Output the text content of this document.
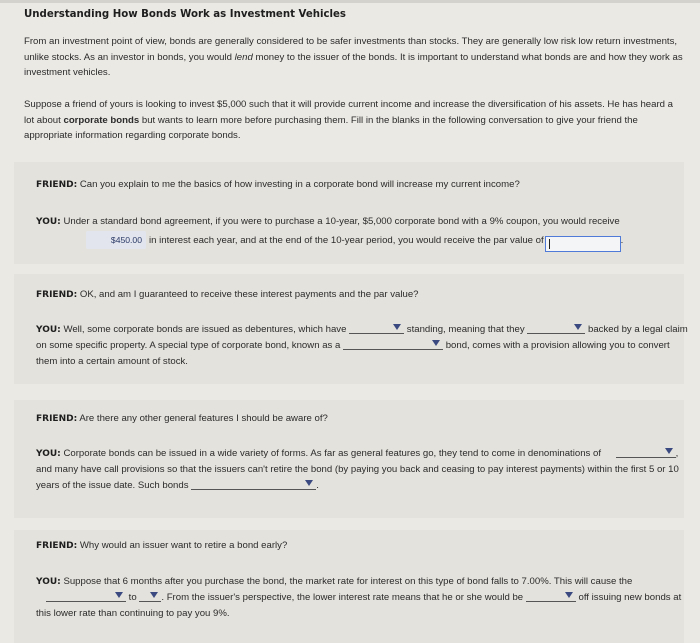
Understanding How Bonds Work as Investment Vehicles

From an investment point of view, bonds are generally considered to be safer investments than stocks. They are generally low risk low return investments, unlike stocks. As an investor in bonds, you would lend money to the issuer of the bonds. It is important to understand what bonds are and how they work as investment vehicles.

Suppose a friend of yours is looking to invest $5,000 such that it will provide current income and increase the diversification of his assets. He has heard a lot about corporate bonds but wants to learn more before purchasing them. Fill in the blanks in the following conversation to give your friend the appropriate information regarding corporate bonds.

FRIEND: Can you explain to me the basics of how investing in a corporate bond will increase my current income?

YOU: Under a standard bond agreement, if you were to purchase a 10-year, $5,000 corporate bond with a 9% coupon, you would receive

$450.00 in interest each year, and at the end of the 10-year period, you would receive the par value of	.

FRIEND: OK, and am I guaranteed to receive these interest payments and the par value?

YOU: Well, some corporate bonds are issued as debentures, which have	standing, meaning that they	backed by a legal claim on some specific property. A special type of corporate bond, known as a	bond, comes with a provision allowing you to convert them into a certain amount of stock.

FRIEND: Are there any other general features I should be aware of?

YOU: Corporate bonds can be issued in a wide variety of forms. As far as general features go, they tend to come in denominations of	, and many have call provisions so that the issuers can't retire the bond (by paying you back and ceasing to pay interest payments) within the first 5 or 10 years of the issue date. Such bonds	.

FRIEND: Why would an issuer want to retire a bond early?

YOU: Suppose that 6 months after you purchase the bond, the market rate for interest on this type of bond falls to 7.00%. This will cause the
to	. From the issuer's perspective, the lower interest rate means that he or she would be	off issuing new bonds at this lower rate than continuing to pay you 9%.
